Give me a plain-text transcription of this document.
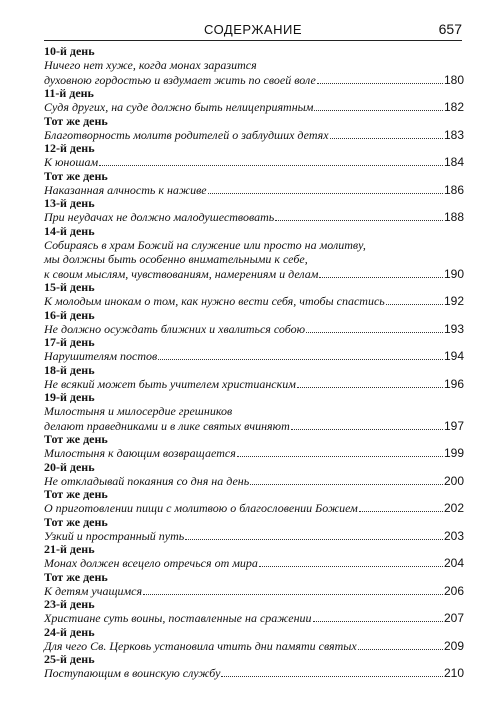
СОДЕРЖАНИЕ	657
10-й день
Ничего нет хуже, когда монах заразится
духовною гордостью и вздумает жить по своей воле	180
11-й день
Судя других, на суде должно быть нелицеприятным	182
Тот же день
Благотворность молитв родителей о заблудших детях	183
12-й день
К юношам	184
Тот же день
Наказанная алчность к наживе	186
13-й день
При неудачах не должно малодушествовать	188
14-й день
Собираясь в храм Божий на служение или просто на молитву,
мы должны быть особенно внимательными к себе,
к своим мыслям, чувствованиям, намерениям и делам	190
15-й день
К молодым инокам о том, как нужно вести себя, чтобы спастись	192
16-й день
Не должно осуждать ближних и хвалиться собою	193
17-й день
Нарушителям постов	194
18-й день
Не всякий может быть учителем христианским	196
19-й день
Милостыня и милосердие грешников
делают праведниками и в лике святых вчиняют	197
Тот же день
Милостыня к дающим возвращается	199
20-й день
Не откладывай покаяния со дня на день	200
Тот же день
О приготовлении пищи с молитвою о благословении Божием	202
Тот же день
Узкий и пространный путь	203
21-й день
Монах должен всецело отречься от мира	204
Тот же день
К детям учащимся	206
23-й день
Христиане суть воины, поставленные на сражении	207
24-й день
Для чего Св. Церковь установила чтить дни памяти святых	209
25-й день
Поступающим в воинскую службу	210
